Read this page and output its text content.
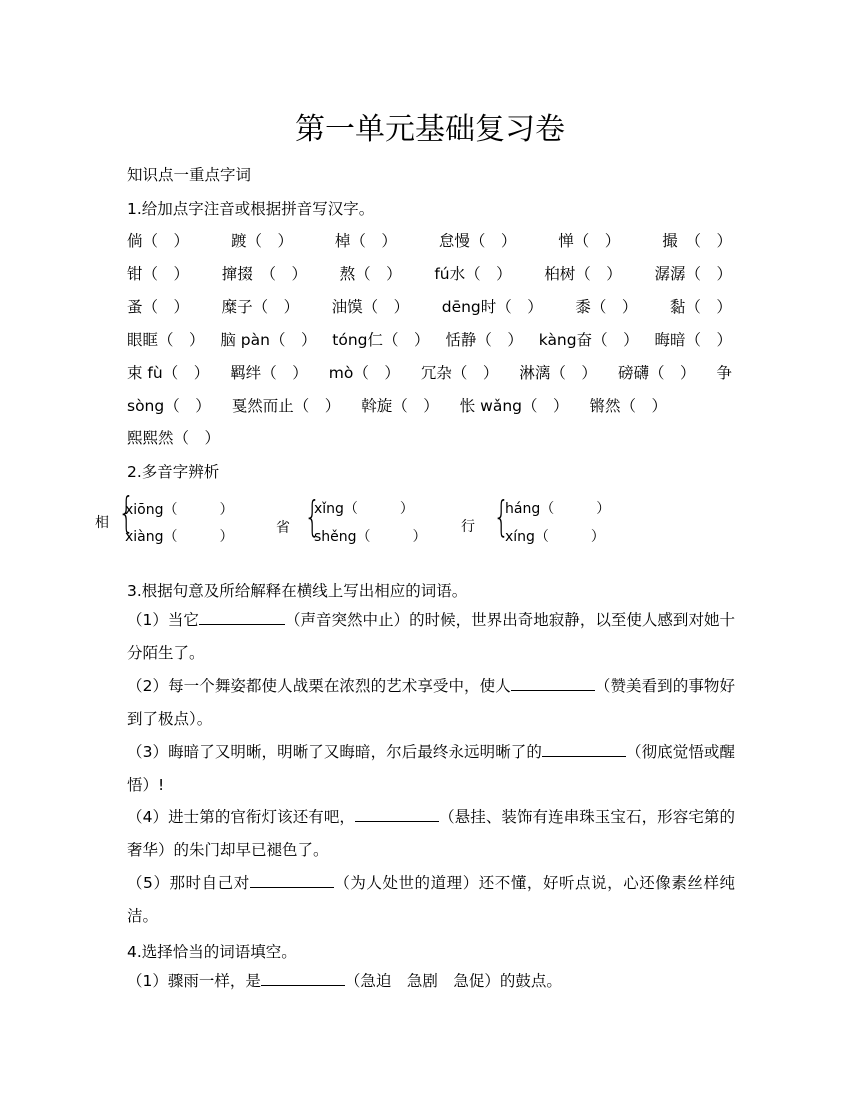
第一单元基础复习卷
知识点一重点字词
1.给加点字注音或根据拼音写汉字。
倘（　）	踱（　）	棹（　）	怠慢（　）	惮（　）	撮　（　）
钳（　） 撺掇　（　） 熬（　） fú水（　） 桕树（　） 潺潺（　）
蚤（　） 糜子（　） 油馍（　） dēng时（　） 黍（　） 黏（　）
眼眶（　） 脑 pàn（　） tóng仁（　） 恬静（　） kàng奋（　） 晦暗（　）
束 fù（　） 羁绊（　） mò（　） 冗杂（　） 淋漓（　） 磅礴（　） 争
sòng（　） 戛然而止（　） 斡旋（　） 怅 wǎng（　） 锵然（　）
熙熙然（　）
2.多音字辨析
相 {
xiōng（　　　）
xiàng（　　　）
省 {
xǐng（　　　）
shěng（　　　）
行 {
háng（　　　）
xíng（　　　）
3.根据句意及所给解释在横线上写出相应的词语。
（1）当它	（声音突然中止）的时候，世界出奇地寂静，以至使人感到对她十分陌生了。
（2）每一个舞姿都使人战栗在浓烈的艺术享受中，使人	（赞美看到的事物好到了极点）。
（3）晦暗了又明晰，明晰了又晦暗，尔后最终永远明晰了的	（彻底觉悟或醒悟）!
（4）进士第的官衔灯该还有吧，	（悬挂、装饰有连串珠玉宝石，形容宅第的奢华）的朱门却早已褪色了。
（5）那时自己对	（为人处世的道理）还不懂，好听点说，心还像素丝样纯洁。
4.选择恰当的词语填空。
（1）骤雨一样，是	（急迫　急剧　急促）的鼓点。
